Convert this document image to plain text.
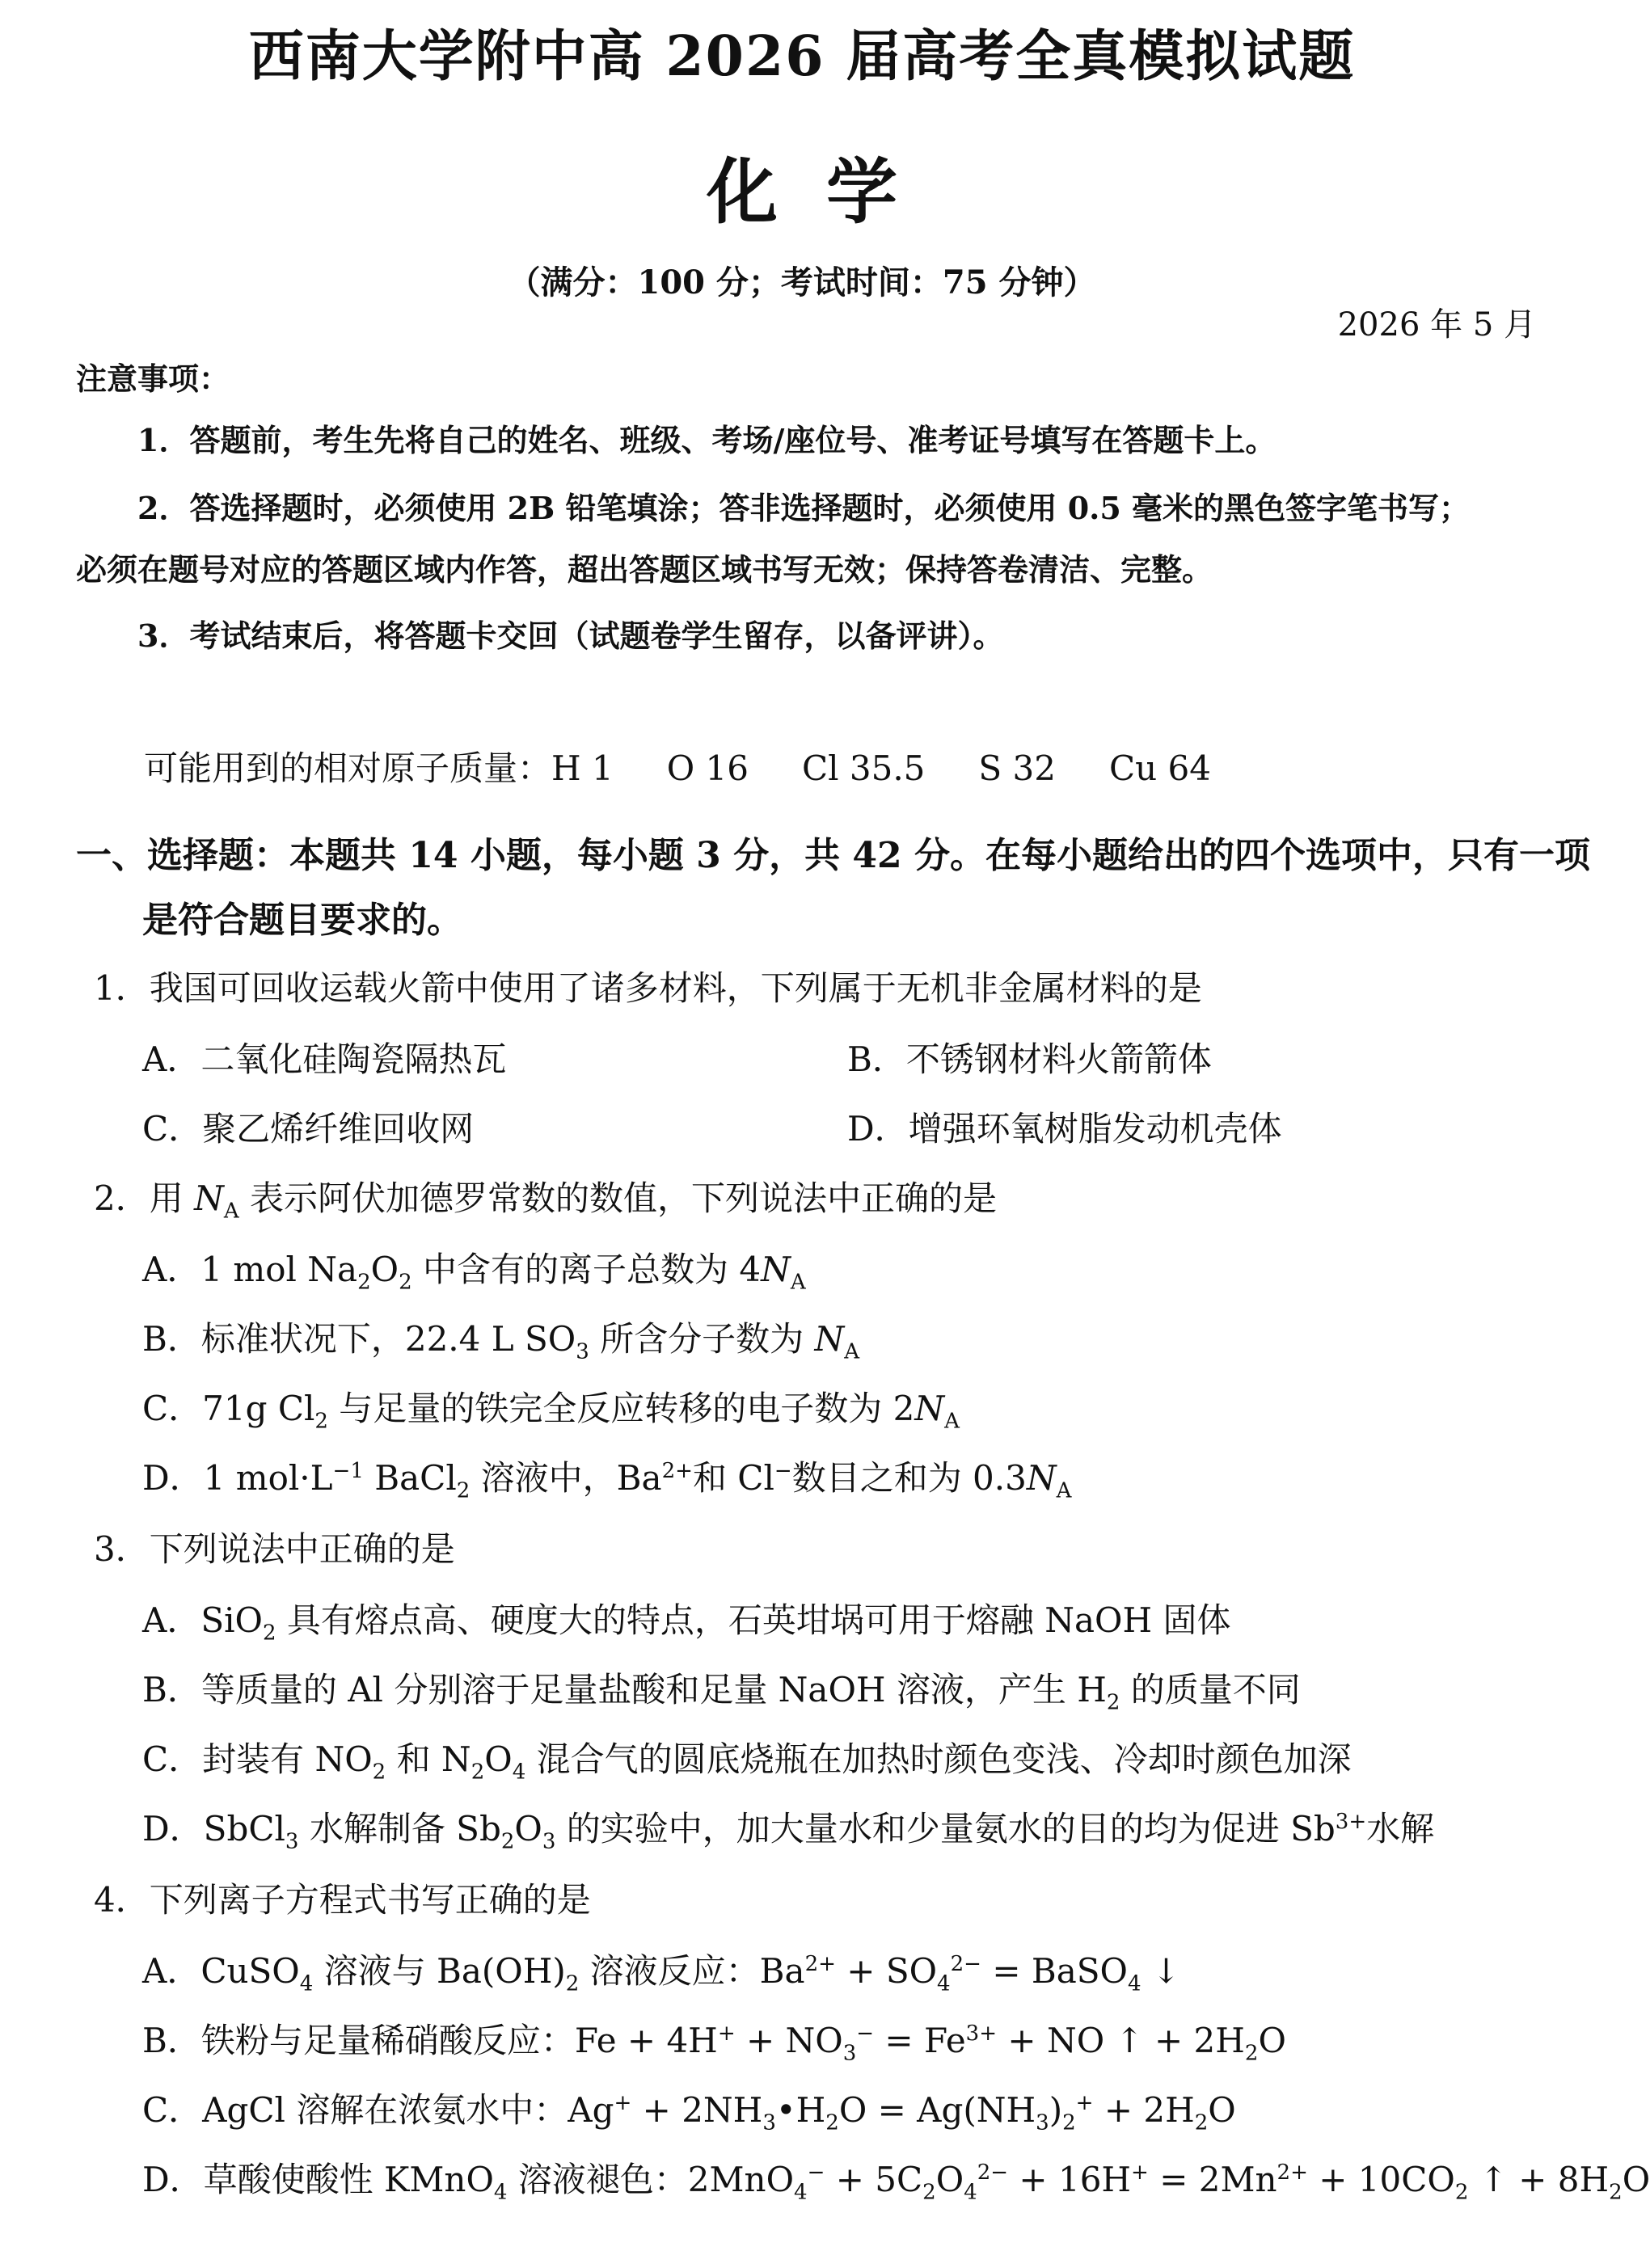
西南大学附中高 2026 届高考全真模拟试题
化学
（满分：100 分；考试时间：75 分钟）
2026 年 5 月
注意事项：
1．答题前，考生先将自己的姓名、班级、考场/座位号、准考证号填写在答题卡上。
2．答选择题时，必须使用 2B 铅笔填涂；答非选择题时，必须使用 0.5 毫米的黑色签字笔书写；
必须在题号对应的答题区域内作答，超出答题区域书写无效；保持答卷清洁、完整。
3．考试结束后，将答题卡交回（试题卷学生留存，以备评讲）。
可能用到的相对原子质量：H 1 O 16 Cl 35.5 S 32 Cu 64
一、选择题：本题共 14 小题，每小题 3 分，共 42 分。在每小题给出的四个选项中，只有一项
是符合题目要求的。
1．我国可回收运载火箭中使用了诸多材料，下列属于无机非金属材料的是
A．二氧化硅陶瓷隔热瓦	B．不锈钢材料火箭箭体
C．聚乙烯纤维回收网	D．增强环氧树脂发动机壳体
2．用 $N_A$ 表示阿伏加德罗常数的数值，下列说法中正确的是
A．1 mol $Na_2O_2$ 中含有的离子总数为 $4N_A$
B．标准状况下，22.4 L $SO_3$ 所含分子数为 $N_A$
C．71g $Cl_2$ 与足量的铁完全反应转移的电子数为 $2N_A$
D．1 $mol\cdot L^{-1}$ BaCl$_2$ 溶液中，$Ba^{2+}$和 Cl−数目之和为 $0.3N_A$
3．下列说法中正确的是
A．SiO$_2$ 具有熔点高、硬度大的特点，石英坩埚可用于熔融 NaOH 固体
B．等质量的 Al 分别溶于足量盐酸和足量 NaOH 溶液，产生 $H_2$ 的质量不同
C．封装有 $NO_2$ 和 $N_2O_4$ 混合气的圆底烧瓶在加热时颜色变浅、冷却时颜色加深
D．SbCl$_3$ 水解制备 $Sb_2O_3$ 的实验中，加大量水和少量氨水的目的均为促进 $Sb^{3+}$水解
4．下列离子方程式书写正确的是
A．CuSO$_4$ 溶液与 $Ba(OH)_2$ 溶液反应：$Ba^{2+} + SO_4^{2-}$ = BaSO$_4$ ↓
B．铁粉与足量稀硝酸反应：$Fe + 4H^+ + NO_3^- = Fe^{3+}$ + NO ↑ + $2H_2O$
C．AgCl 溶解在浓氨水中：$Ag^+ + 2NH_3•H_2O = Ag(NH_3)_2^+ + 2H_2O$
D．草酸使酸性 KMnO$_4$ 溶液褪色：$2MnO_4^- + 5C_2O_4^{2-} + 16H^+ = 2Mn^{2+} + 10CO_2$ ↑ + $8H_2O$
